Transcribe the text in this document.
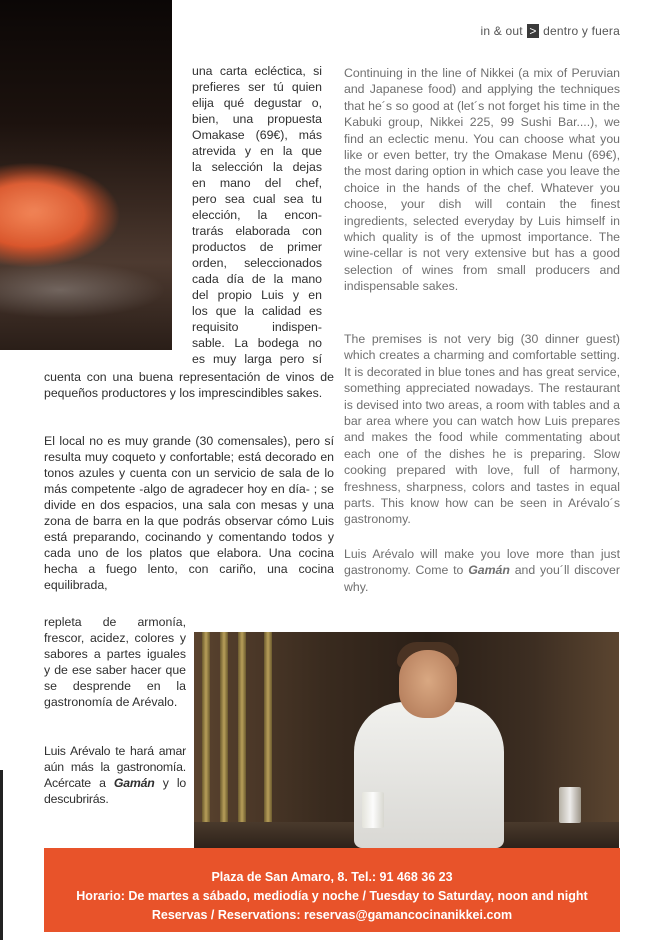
in & out > dentro y fuera
una carta ecléctica, si
prefieres ser tú quien
elija qué degustar o,
bien, una propuesta
Omakase (69€), más
atrevida y en la que
la selección la dejas
en mano del chef,
pero sea cual sea tu
elección, la encon-
trarás elaborada con
productos de primer
orden, seleccionados
cada día de la mano
del propio Luis y en
los que la calidad es
requisito indispen-
sable. La bodega no
es muy larga pero sí

cuenta con una buena representación de vinos de pequeños productores y los imprescindibles sakes.

El local no es muy grande (30 comensales), pero sí resulta muy coqueto y confortable; está decorado en tonos azules y cuenta con un servicio de sala de lo más competente -algo de agradecer hoy en día- ; se divide en dos espacios, una sala con mesas y una zona de barra en la que podrás observar cómo Luis está preparando, cocinando y comentando todos y cada uno de los platos que elabora. Una cocina hecha a fuego lento, con cariño, una cocina equilibrada,

repleta de armonía, frescor, acidez, colores y sabores a partes iguales y de ese saber hacer que se desprende en la gastronomía de Arévalo.

Luis Arévalo te hará amar aún más la gastronomía. Acércate a Gamán y lo descubrirás.

Continuing in the line of Nikkei (a mix of Peruvian and Japanese food) and applying the techniques that he´s so good at (let´s not forget his time in the Kabuki group, Nikkei 225, 99 Sushi Bar....), we find an eclectic menu. You can choose what you like or even better, try the Omakase Menu (69€), the most daring option in which case you leave the choice in the hands of the chef. Whatever you choose, your dish will contain the finest ingredients, selected everyday by Luis himself in which quality is of the upmost importance. The wine-cellar is not very extensive but has a good selection of wines from small producers and indispensable sakes.

The premises is not very big (30 dinner guest) which creates a charming and comfortable setting. It is decorated in blue tones and has great service, something appreciated nowadays. The restaurant is devised into two areas, a room with tables and a bar area where you can watch how Luis prepares and makes the food while commentating about each one of the dishes he is preparing. Slow cooking prepared with love, full of harmony, freshness, sharpness, colors and tastes in equal parts. This know how can be seen in Arévalo´s gastronomy.

Luis Arévalo will make you love more than just gastronomy. Come to Gamán and you´ll discover why.

Plaza de San Amaro, 8. Tel.: 91 468 36 23
Horario: De martes a sábado, mediodía y noche / Tuesday to Saturday, noon and night
Reservas / Reservations: reservas@gamancocinanikkei.com
